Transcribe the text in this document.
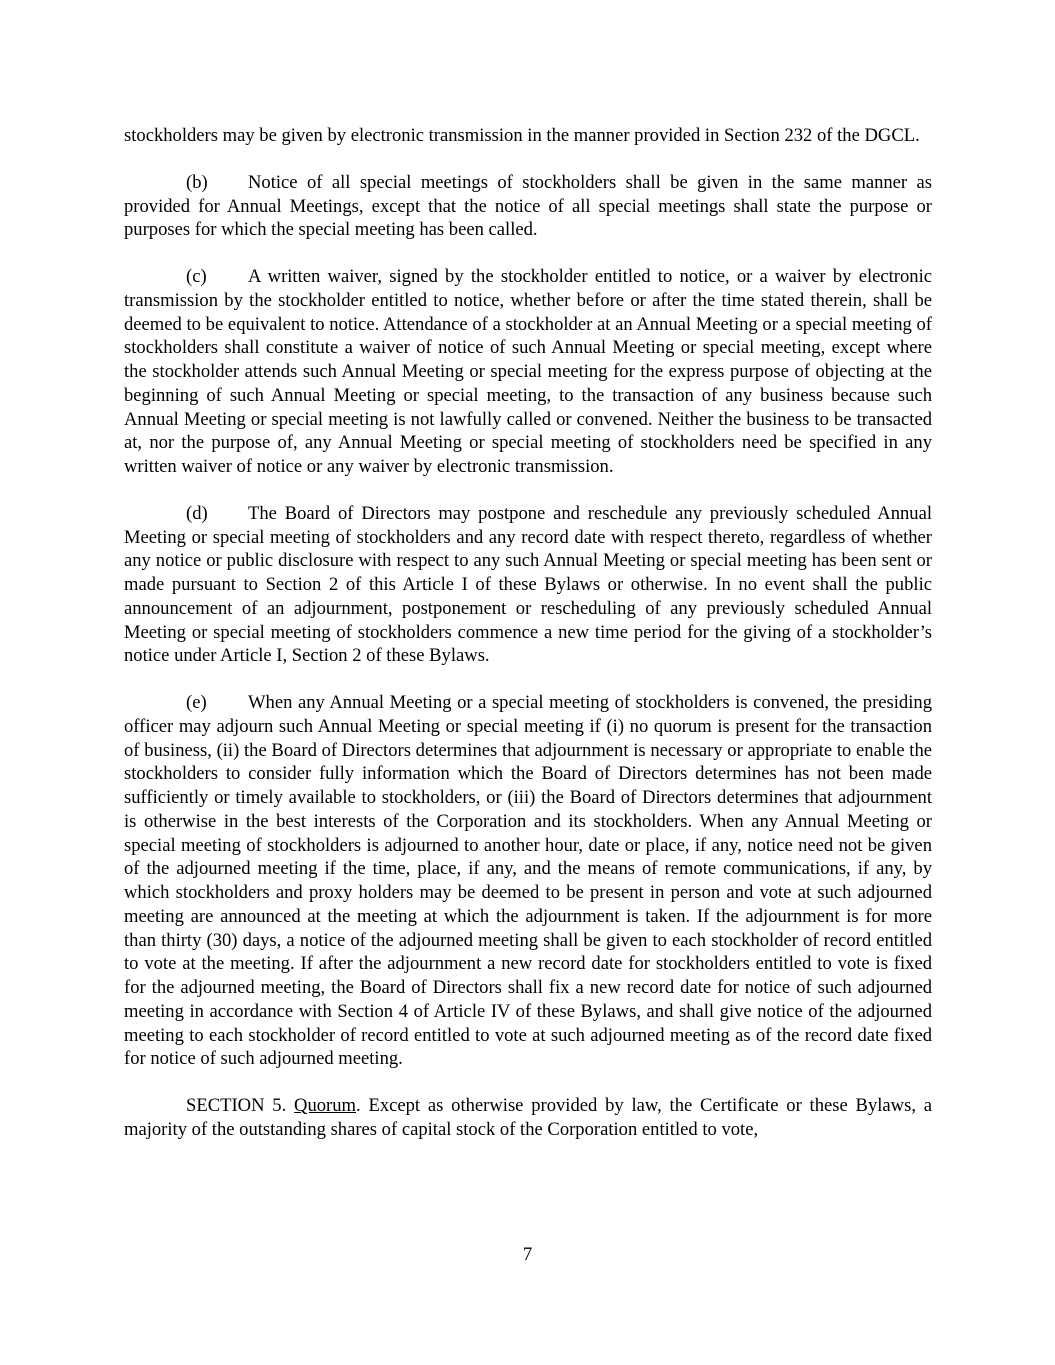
stockholders may be given by electronic transmission in the manner provided in Section 232 of the DGCL.

(b) Notice of all special meetings of stockholders shall be given in the same manner as provided for Annual Meetings, except that the notice of all special meetings shall state the purpose or purposes for which the special meeting has been called.

(c) A written waiver, signed by the stockholder entitled to notice, or a waiver by electronic transmission by the stockholder entitled to notice, whether before or after the time stated therein, shall be deemed to be equivalent to notice. Attendance of a stockholder at an Annual Meeting or a special meeting of stockholders shall constitute a waiver of notice of such Annual Meeting or special meeting, except where the stockholder attends such Annual Meeting or special meeting for the express purpose of objecting at the beginning of such Annual Meeting or special meeting, to the transaction of any business because such Annual Meeting or special meeting is not lawfully called or convened. Neither the business to be transacted at, nor the purpose of, any Annual Meeting or special meeting of stockholders need be specified in any written waiver of notice or any waiver by electronic transmission.

(d) The Board of Directors may postpone and reschedule any previously scheduled Annual Meeting or special meeting of stockholders and any record date with respect thereto, regardless of whether any notice or public disclosure with respect to any such Annual Meeting or special meeting has been sent or made pursuant to Section 2 of this Article I of these Bylaws or otherwise. In no event shall the public announcement of an adjournment, postponement or rescheduling of any previously scheduled Annual Meeting or special meeting of stockholders commence a new time period for the giving of a stockholder’s notice under Article I, Section 2 of these Bylaws.

(e) When any Annual Meeting or a special meeting of stockholders is convened, the presiding officer may adjourn such Annual Meeting or special meeting if (i) no quorum is present for the transaction of business, (ii) the Board of Directors determines that adjournment is necessary or appropriate to enable the stockholders to consider fully information which the Board of Directors determines has not been made sufficiently or timely available to stockholders, or (iii) the Board of Directors determines that adjournment is otherwise in the best interests of the Corporation and its stockholders. When any Annual Meeting or special meeting of stockholders is adjourned to another hour, date or place, if any, notice need not be given of the adjourned meeting if the time, place, if any, and the means of remote communications, if any, by which stockholders and proxy holders may be deemed to be present in person and vote at such adjourned meeting are announced at the meeting at which the adjournment is taken. If the adjournment is for more than thirty (30) days, a notice of the adjourned meeting shall be given to each stockholder of record entitled to vote at the meeting. If after the adjournment a new record date for stockholders entitled to vote is fixed for the adjourned meeting, the Board of Directors shall fix a new record date for notice of such adjourned meeting in accordance with Section 4 of Article IV of these Bylaws, and shall give notice of the adjourned meeting to each stockholder of record entitled to vote at such adjourned meeting as of the record date fixed for notice of such adjourned meeting.

SECTION 5. Quorum. Except as otherwise provided by law, the Certificate or these Bylaws, a majority of the outstanding shares of capital stock of the Corporation entitled to vote,

7
